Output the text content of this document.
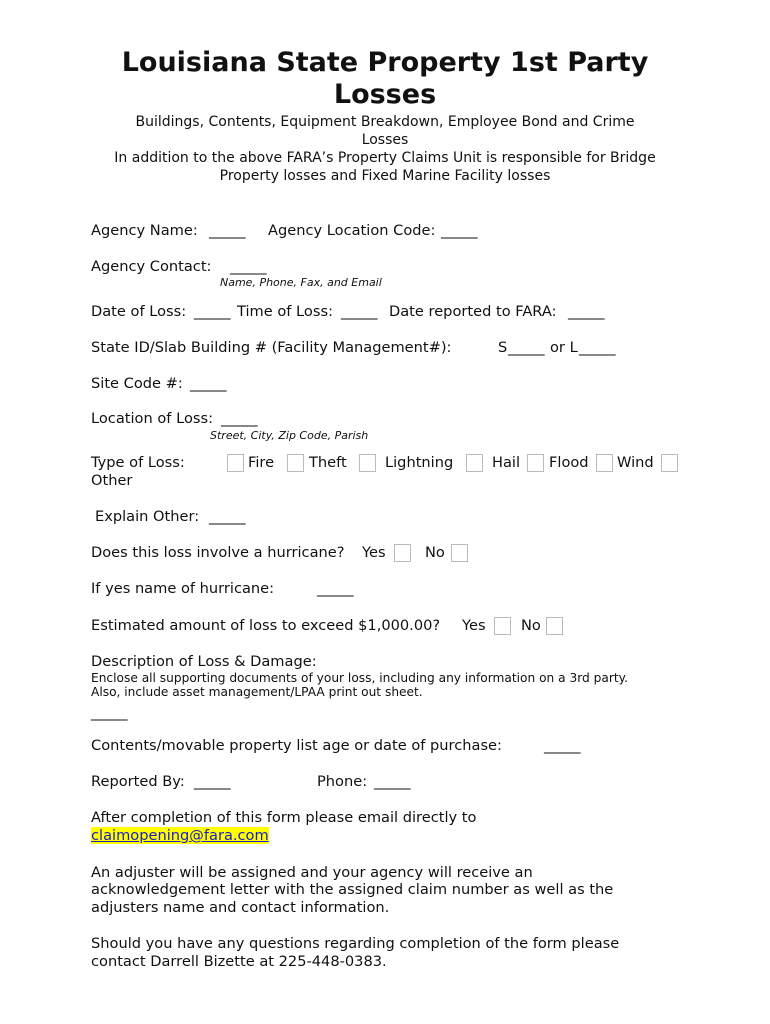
Louisiana State Property 1st Party
Losses
Buildings, Contents, Equipment Breakdown, Employee Bond and Crime
Losses
In addition to the above FARA’s Property Claims Unit is responsible for Bridge
Property losses and Fixed Marine Facility losses
Agency Name: _____ Agency Location Code: _____
Agency Contact: _____
Name, Phone, Fax, and Email
Date of Loss: _____ Time of Loss: _____ Date reported to FARA: _____
State ID/Slab Building # (Facility Management#):	S _____ or L _____
Site Code #: _____
Location of Loss: _____
Street, City, Zip Code, Parish
Type of Loss:	Fire Theft	Lightning	Hail Flood Wind
Other
Explain Other: _____
Does this loss involve a hurricane? Yes	No
If yes name of hurricane:	_____
Estimated amount of loss to exceed $1,000.00? Yes No
Description of Loss & Damage:
Enclose all supporting documents of your loss, including any information on a 3rd party.
Also, include asset management/LPAA print out sheet.
_____
Contents/movable property list age or date of purchase:	_____
Reported By: _____	Phone: _____
After completion of this form please email directly to
claimopening@fara.com
An adjuster will be assigned and your agency will receive an
acknowledgement letter with the assigned claim number as well as the
adjusters name and contact information.
Should you have any questions regarding completion of the form please
contact Darrell Bizette at 225-448-0383.
